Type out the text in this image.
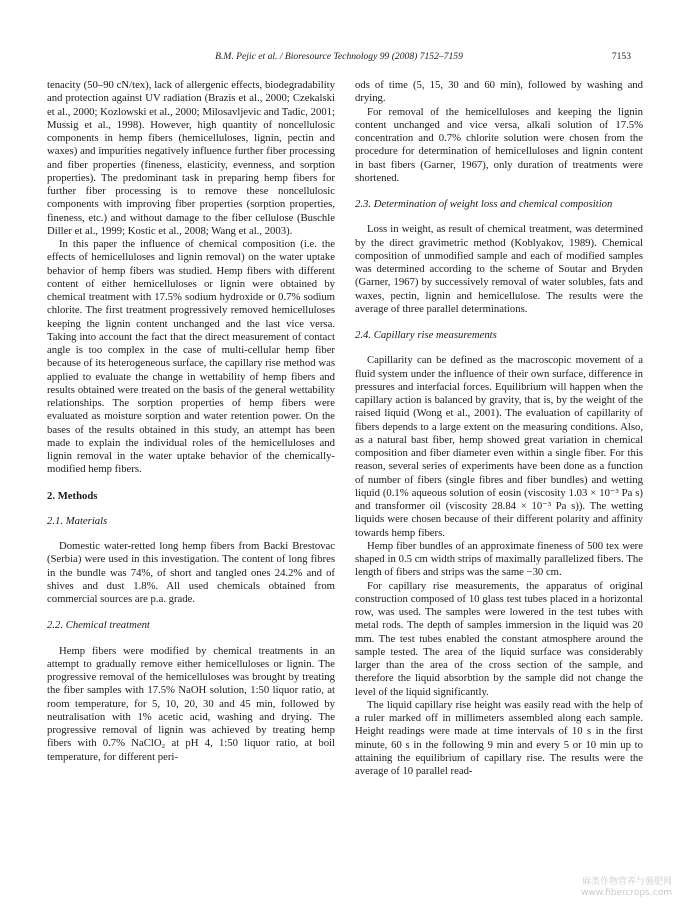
B.M. Pejic et al. / Bioresource Technology 99 (2008) 7152–7159	7153

tenacity (50–90 cN/tex), lack of allergenic effects, biodegradability and protection against UV radiation (Brazis et al., 2000; Czekalski et al., 2000; Kozlowski et al., 2000; Milosavljevic and Tadic, 2001; Mussig et al., 1998). However, high quantity of noncellulosic components in hemp fibers (hemicelluloses, lignin, pectin and waxes) and impurities negatively influence further fiber processing and fiber properties (fineness, elasticity, evenness, and sorption properties). The predominant task in preparing hemp fibers for further fiber processing is to remove these noncellulosic components with improving fiber properties (sorption properties, fineness, etc.) and without damage to the fiber cellulose (Buschle Diller et al., 1999; Kostic et al., 2008; Wang et al., 2003).

In this paper the influence of chemical composition (i.e. the effects of hemicelluloses and lignin removal) on the water uptake behavior of hemp fibers was studied. Hemp fibers with different content of either hemicelluloses or lignin were obtained by chemical treatment with 17.5% sodium hydroxide or 0.7% sodium chlorite. The first treatment progressively removed hemicelluloses keeping the lignin content unchanged and the last vice versa. Taking into account the fact that the direct measurement of contact angle is too complex in the case of multi-cellular hemp fiber because of its heterogeneous surface, the capillary rise method was applied to evaluate the change in wettability of hemp fibers and results obtained were treated on the basis of the general wettability relationships. The sorption properties of hemp fibers were evaluated as moisture sorption and water retention power. On the bases of the results obtained in this study, an attempt has been made to explain the individual roles of the hemicelluloses and lignin removal in the water uptake behavior of the chemically-modified hemp fibers.

2. Methods
2.1. Materials

Domestic water-retted long hemp fibers from Backi Brestovac (Serbia) were used in this investigation. The content of long fibres in the bundle was 74%, of short and tangled ones 24.2% and of shives and dust 1.8%. All used chemicals obtained from commercial sources are p.a. grade.

2.2. Chemical treatment

Hemp fibers were modified by chemical treatments in an attempt to gradually remove either hemicelluloses or lignin. The progressive removal of the hemicelluloses was brought by treating the fiber samples with 17.5% NaOH solution, 1:50 liquor ratio, at room temperature, for 5, 10, 20, 30 and 45 min, followed by neutralisation with 1% acetic acid, washing and drying. The progressive removal of lignin was achieved by treating hemp fibers with 0.7% NaClO₂ at pH 4, 1:50 liquor ratio, at boil temperature, for different peri-

ods of time (5, 15, 30 and 60 min), followed by washing and drying.

For removal of the hemicelluloses and keeping the lignin content unchanged and vice versa, alkali solution of 17.5% concentration and 0.7% chlorite solution were chosen from the procedure for determination of hemicelluloses and lignin content in bast fibers (Garner, 1967), only duration of treatments were shortened.

2.3. Determination of weight loss and chemical composition

Loss in weight, as result of chemical treatment, was determined by the direct gravimetric method (Koblyakov, 1989). Chemical composition of unmodified sample and each of modified samples was determined according to the scheme of Soutar and Bryden (Garner, 1967) by successively removal of water solubles, fats and waxes, pectin, lignin and hemicellulose. The results were the average of three parallel determinations.

2.4. Capillary rise measurements

Capillarity can be defined as the macroscopic movement of a fluid system under the influence of their own surface, difference in pressures and interfacial forces. Equilibrium will happen when the capillary action is balanced by gravity, that is, by the weight of the raised liquid (Wong et al., 2001). The evaluation of capillarity of fibers depends to a large extent on the measuring conditions. Also, as a natural bast fiber, hemp showed great variation in chemical composition and fiber diameter even within a single fiber. For this reason, several series of experiments have been done as a function of number of fibers (single fibres and fiber bundles) and wetting liquid (0.1% aqueous solution of eosin (viscosity 1.03 × 10⁻³ Pa s) and transformer oil (viscosity 28.84 × 10⁻³ Pa s)). The wetting liquids were chosen because of their different polarity and affinity towards hemp fibers.

Hemp fiber bundles of an approximate fineness of 500 tex were shaped in 0.5 cm width strips of maximally parallelized fibers. The length of fibers and strips was the same −30 cm.

For capillary rise measurements, the apparatus of original construction composed of 10 glass test tubes placed in a horizontal row, was used. The samples were lowered in the test tubes with metal rods. The depth of samples immersion in the liquid was 20 mm. The test tubes enabled the constant atmosphere around the sample tested. The area of the liquid surface was considerably larger than the area of the cross section of the sample, and therefore the liquid absorbtion by the sample did not change the level of the liquid significantly.

The liquid capillary rise height was easily read with the help of a ruler marked off in millimeters assembled along each sample. Height readings were made at time intervals of 10 s in the first minute, 60 s in the following 9 min and every 5 or 10 min up to attaining the equilibrium of capillary rise. The results were the average of 10 parallel read-

麻类作物营养与施肥网
www.fibercrops.com
